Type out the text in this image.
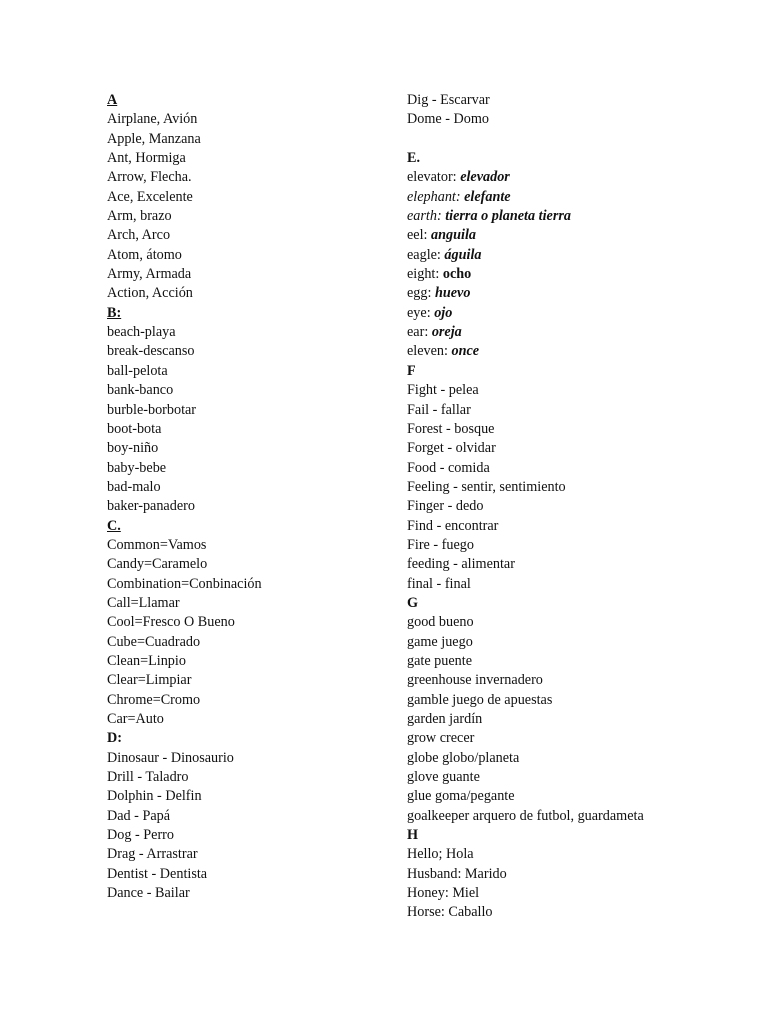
A
Airplane, Avión
Apple, Manzana
Ant, Hormiga
Arrow, Flecha.
Ace, Excelente
Arm, brazo
Arch, Arco
Atom, átomo
Army, Armada
Action, Acción
B:
beach-playa
break-descanso
ball-pelota
bank-banco
burble-borbotar
boot-bota
boy-niño
baby-bebe
bad-malo
baker-panadero
C.
Common=Vamos
Candy=Caramelo
Combination=Conbinación
Call=Llamar
Cool=Fresco O Bueno
Cube=Cuadrado
Clean=Linpio
Clear=Limpiar
Chrome=Cromo
Car=Auto
D:
Dinosaur - Dinosaurio
Drill - Taladro
Dolphin - Delfin
Dad - Papá
Dog - Perro
Drag - Arrastrar
Dentist - Dentista
Dance - Bailar
Dig - Escarvar
Dome - Domo
E.
elevator: elevador
elephant: elefante
earth: tierra o planeta tierra
eel: anguila
eagle: águila
eight: ocho
egg: huevo
eye: ojo
ear: oreja
eleven: once
F
Fight - pelea
Fail - fallar
Forest - bosque
Forget - olvidar
Food - comida
Feeling - sentir, sentimiento
Finger - dedo
Find - encontrar
Fire - fuego
feeding - alimentar
final - final
G
good bueno
game juego
gate puente
greenhouse invernadero
gamble juego de apuestas
garden jardín
grow crecer
globe globo/planeta
glove guante
glue goma/pegante
goalkeeper arquero de futbol, guardameta
H
Hello; Hola
Husband: Marido
Honey: Miel
Horse: Caballo
